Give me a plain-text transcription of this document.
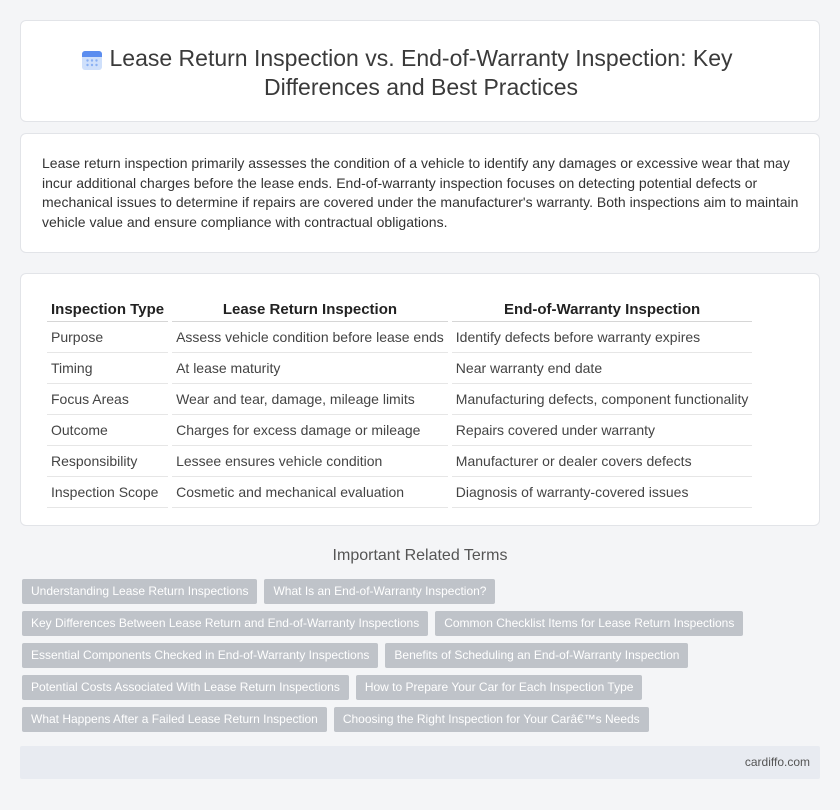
Lease Return Inspection vs. End-of-Warranty Inspection: Key
Differences and Best Practices

Lease return inspection primarily assesses the condition of a vehicle to identify any damages or excessive wear that may incur additional charges before the lease ends. End-of-warranty inspection focuses on detecting potential defects or mechanical issues to determine if repairs are covered under the manufacturer's warranty. Both inspections aim to maintain vehicle value and ensure compliance with contractual obligations.

Inspection Type	Lease Return Inspection	End-of-Warranty Inspection
Purpose	Assess vehicle condition before lease ends	Identify defects before warranty expires
Timing	At lease maturity	Near warranty end date
Focus Areas	Wear and tear, damage, mileage limits	Manufacturing defects, component functionality
Outcome	Charges for excess damage or mileage	Repairs covered under warranty
Responsibility	Lessee ensures vehicle condition	Manufacturer or dealer covers defects
Inspection Scope	Cosmetic and mechanical evaluation	Diagnosis of warranty-covered issues
Important Related Terms
Understanding Lease Return Inspections	What Is an End-of-Warranty Inspection?
Key Differences Between Lease Return and End-of-Warranty Inspections	Common Checklist Items for Lease Return Inspections
Essential Components Checked in End-of-Warranty Inspections	Benefits of Scheduling an End-of-Warranty Inspection
Potential Costs Associated With Lease Return Inspections	How to Prepare Your Car for Each Inspection Type
What Happens After a Failed Lease Return Inspection	Choosing the Right Inspection for Your Carâ€™s Needs
cardiffo.com
